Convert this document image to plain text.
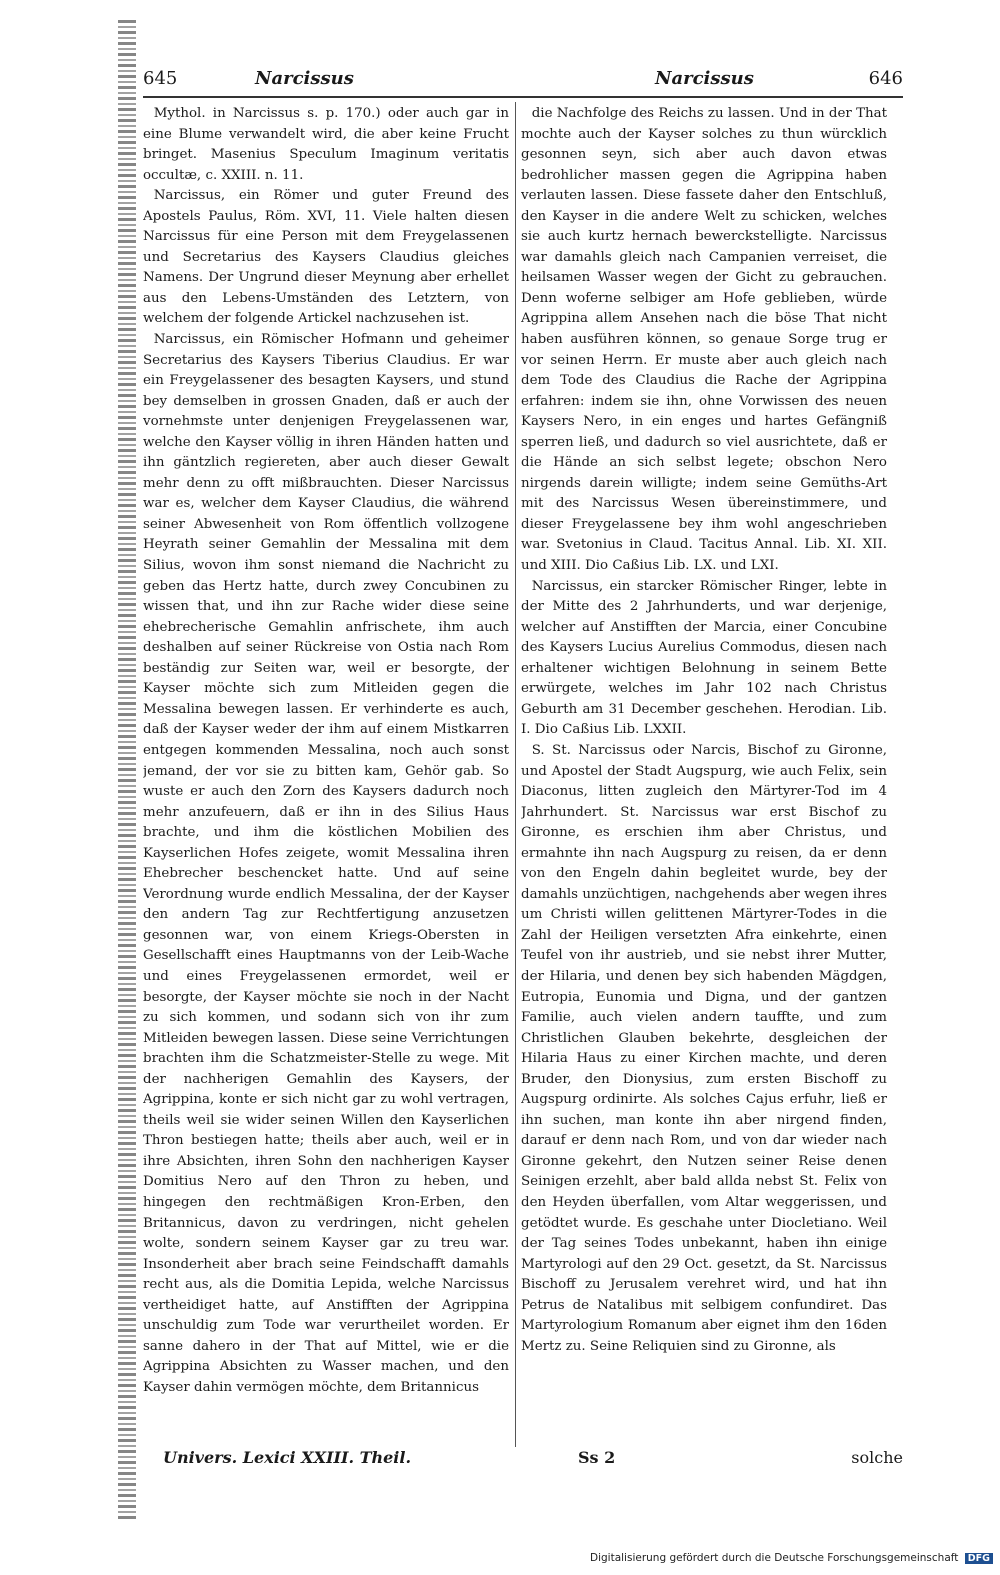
645	Narcissus	Narcissus	646

Mythol. in Narcissus s. p. 170.) oder auch gar in eine Blume verwandelt wird, die aber keine Frucht bringet. Masenius Speculum Imaginum veritatis occultæ, c. XXIII. n. 11.

Narcissus, ein Römer und guter Freund des Apostels Paulus, Röm. XVI, 11. Viele halten diesen Narcissus für eine Person mit dem Freygelassenen und Secretarius des Kaysers Claudius gleiches Namens. Der Ungrund dieser Meynung aber erhellet aus den Lebens-Umständen des Letztern, von welchem der folgende Artickel nachzusehen ist.

Narcissus, ein Römischer Hofmann und geheimer Secretarius des Kaysers Tiberius Claudius. Er war ein Freygelassener des besagten Kaysers, und stund bey demselben in grossen Gnaden, daß er auch der vornehmste unter denjenigen Freygelassenen war, welche den Kayser völlig in ihren Händen hatten und ihn gäntzlich regiereten, aber auch dieser Gewalt mehr denn zu offt mißbrauchten. Dieser Narcissus war es, welcher dem Kayser Claudius, die während seiner Abwesenheit von Rom öffentlich vollzogene Heyrath seiner Gemahlin der Messalina mit dem Silius, wovon ihm sonst niemand die Nachricht zu geben das Hertz hatte, durch zwey Concubinen zu wissen that, und ihn zur Rache wider diese seine ehebrecherische Gemahlin anfrischete, ihm auch deshalben auf seiner Rückreise von Ostia nach Rom beständig zur Seiten war, weil er besorgte, der Kayser möchte sich zum Mitleiden gegen die Messalina bewegen lassen. Er verhinderte es auch, daß der Kayser weder der ihm auf einem Mistkarren entgegen kommenden Messalina, noch auch sonst jemand, der vor sie zu bitten kam, Gehör gab. So wuste er auch den Zorn des Kaysers dadurch noch mehr anzufeuern, daß er ihn in des Silius Haus brachte, und ihm die köstlichen Mobilien des Kayserlichen Hofes zeigete, womit Messalina ihren Ehebrecher beschencket hatte. Und auf seine Verordnung wurde endlich Messalina, der der Kayser den andern Tag zur Rechtfertigung anzusetzen gesonnen war, von einem Kriegs-Obersten in Gesellschafft eines Hauptmanns von der Leib-Wache und eines Freygelassenen ermordet, weil er besorgte, der Kayser möchte sie noch in der Nacht zu sich kommen, und sodann sich von ihr zum Mitleiden bewegen lassen. Diese seine Verrichtungen brachten ihm die Schatzmeister-Stelle zu wege. Mit der nachherigen Gemahlin des Kaysers, der Agrippina, konte er sich nicht gar zu wohl vertragen, theils weil sie wider seinen Willen den Kayserlichen Thron bestiegen hatte; theils aber auch, weil er in ihre Absichten, ihren Sohn den nachherigen Kayser Domitius Nero auf den Thron zu heben, und hingegen den rechtmäßigen Kron-Erben, den Britannicus, davon zu verdringen, nicht gehelen wolte, sondern seinem Kayser gar zu treu war. Insonderheit aber brach seine Feindschafft damahls recht aus, als die Domitia Lepida, welche Narcissus vertheidiget hatte, auf Anstifften der Agrippina unschuldig zum Tode war verurtheilet worden. Er sanne dahero in der That auf Mittel, wie er die Agrippina Absichten zu Wasser machen, und den Kayser dahin vermögen möchte, dem Britannicus

die Nachfolge des Reichs zu lassen. Und in der That mochte auch der Kayser solches zu thun würcklich gesonnen seyn, sich aber auch davon etwas bedrohlicher massen gegen die Agrippina haben verlauten lassen. Diese fassete daher den Entschluß, den Kayser in die andere Welt zu schicken, welches sie auch kurtz hernach bewerckstelligte. Narcissus war damahls gleich nach Campanien verreiset, die heilsamen Wasser wegen der Gicht zu gebrauchen. Denn woferne selbiger am Hofe geblieben, würde Agrippina allem Ansehen nach die böse That nicht haben ausführen können, so genaue Sorge trug er vor seinen Herrn. Er muste aber auch gleich nach dem Tode des Claudius die Rache der Agrippina erfahren: indem sie ihn, ohne Vorwissen des neuen Kaysers Nero, in ein enges und hartes Gefängniß sperren ließ, und dadurch so viel ausrichtete, daß er die Hände an sich selbst legete; obschon Nero nirgends darein willigte; indem seine Gemüths-Art mit des Narcissus Wesen übereinstimmere, und dieser Freygelassene bey ihm wohl angeschrieben war. Svetonius in Claud. Tacitus Annal. Lib. XI. XII. und XIII. Dio Caßius Lib. LX. und LXI.

Narcissus, ein starcker Römischer Ringer, lebte in der Mitte des 2 Jahrhunderts, und war derjenige, welcher auf Anstifften der Marcia, einer Concubine des Kaysers Lucius Aurelius Commodus, diesen nach erhaltener wichtigen Belohnung in seinem Bette erwürgete, welches im Jahr 102 nach Christus Geburth am 31 December geschehen. Herodian. Lib. I. Dio Caßius Lib. LXXII.

S. St. Narcissus oder Narcis, Bischof zu Gironne, und Apostel der Stadt Augspurg, wie auch Felix, sein Diaconus, litten zugleich den Märtyrer-Tod im 4 Jahrhundert. St. Narcissus war erst Bischof zu Gironne, es erschien ihm aber Christus, und ermahnte ihn nach Augspurg zu reisen, da er denn von den Engeln dahin begleitet wurde, bey der damahls unzüchtigen, nachgehends aber wegen ihres um Christi willen gelittenen Märtyrer-Todes in die Zahl der Heiligen versetzten Afra einkehrte, einen Teufel von ihr austrieb, und sie nebst ihrer Mutter, der Hilaria, und denen bey sich habenden Mägdgen, Eutropia, Eunomia und Digna, und der gantzen Familie, auch vielen andern tauffte, und zum Christlichen Glauben bekehrte, desgleichen der Hilaria Haus zu einer Kirchen machte, und deren Bruder, den Dionysius, zum ersten Bischoff zu Augspurg ordinirte. Als solches Cajus erfuhr, ließ er ihn suchen, man konte ihn aber nirgend finden, darauf er denn nach Rom, und von dar wieder nach Gironne gekehrt, den Nutzen seiner Reise denen Seinigen erzehlt, aber bald allda nebst St. Felix von den Heyden überfallen, vom Altar weggerissen, und getödtet wurde. Es geschahe unter Diocletiano. Weil der Tag seines Todes unbekannt, haben ihn einige Martyrologi auf den 29 Oct. gesetzt, da St. Narcissus Bischoff zu Jerusalem verehret wird, und hat ihn Petrus de Natalibus mit selbigem confundiret. Das Martyrologium Romanum aber eignet ihm den 16den Mertz zu. Seine Reliquien sind zu Gironne, als

Univers. Lexici XXIII. Theil.	Ss 2	solche
Digitalisierung gefördert durch die Deutsche Forschungsgemeinschaft DFG
